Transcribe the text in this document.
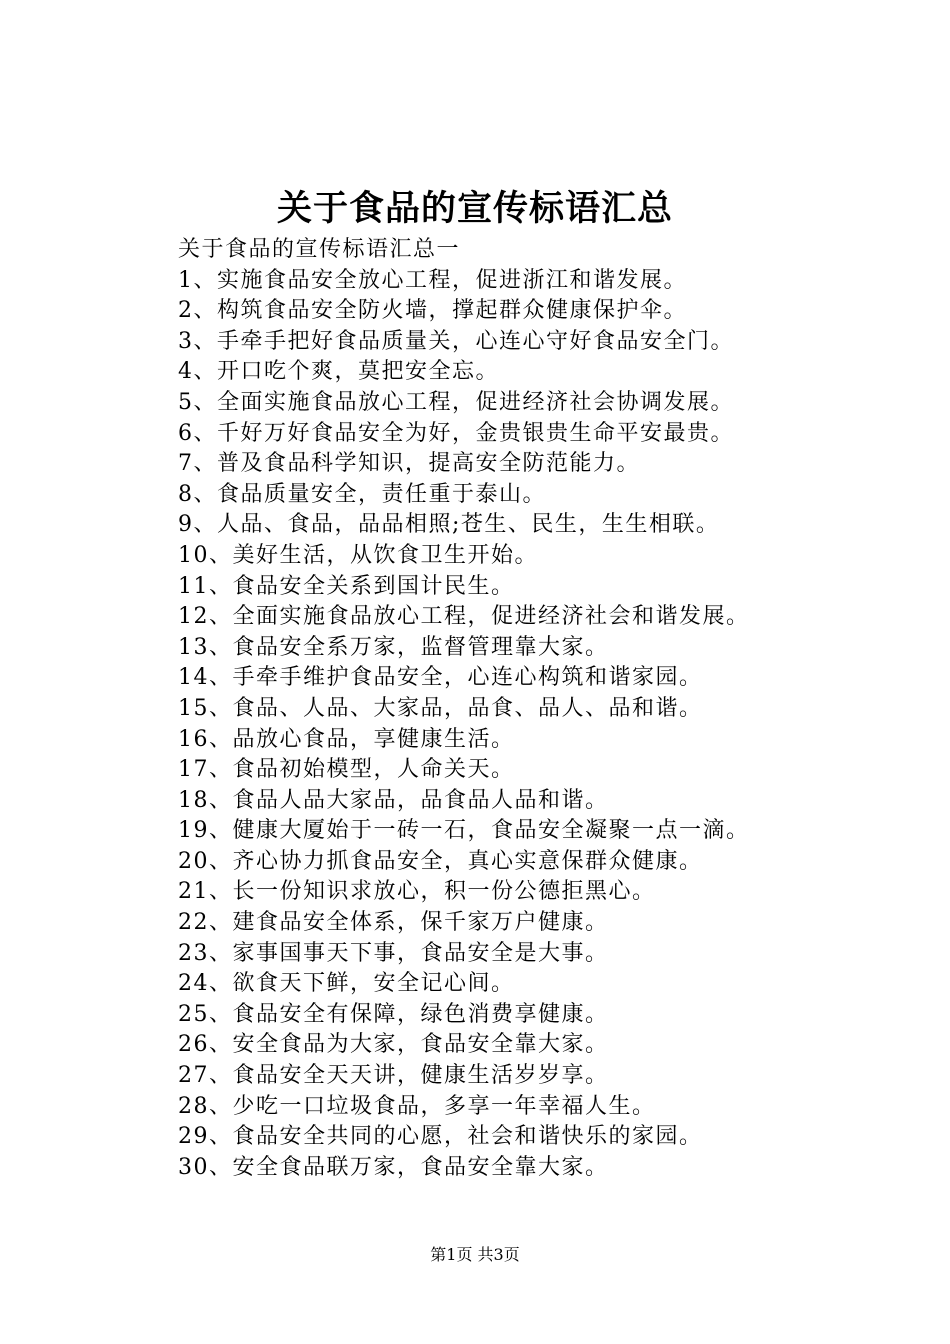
关于食品的宣传标语汇总
关于食品的宣传标语汇总一
1、实施食品安全放心工程，促进浙江和谐发展。
2、构筑食品安全防火墙，撑起群众健康保护伞。
3、手牵手把好食品质量关，心连心守好食品安全门。
4、开口吃个爽，莫把安全忘。
5、全面实施食品放心工程，促进经济社会协调发展。
6、千好万好食品安全为好，金贵银贵生命平安最贵。
7、普及食品科学知识，提高安全防范能力。
8、食品质量安全，责任重于泰山。
9、人品、食品，品品相照;苍生、民生，生生相联。
10、美好生活，从饮食卫生开始。
11、食品安全关系到国计民生。
12、全面实施食品放心工程，促进经济社会和谐发展。
13、食品安全系万家，监督管理靠大家。
14、手牵手维护食品安全，心连心构筑和谐家园。
15、食品、人品、大家品，品食、品人、品和谐。
16、品放心食品，享健康生活。
17、食品初始模型，人命关天。
18、食品人品大家品，品食品人品和谐。
19、健康大厦始于一砖一石，食品安全凝聚一点一滴。
20、齐心协力抓食品安全，真心实意保群众健康。
21、长一份知识求放心，积一份公德拒黑心。
22、建食品安全体系，保千家万户健康。
23、家事国事天下事，食品安全是大事。
24、欲食天下鲜，安全记心间。
25、食品安全有保障，绿色消费享健康。
26、安全食品为大家，食品安全靠大家。
27、食品安全天天讲，健康生活岁岁享。
28、少吃一口垃圾食品，多享一年幸福人生。
29、食品安全共同的心愿，社会和谐快乐的家园。
30、安全食品联万家，食品安全靠大家。
第1页 共3页
